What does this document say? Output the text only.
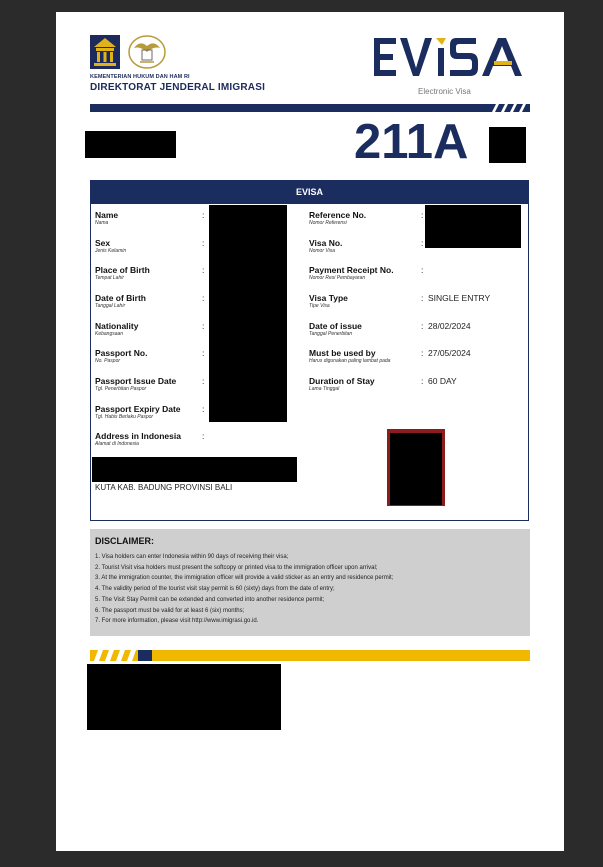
KEMENTERIAN HUKUM DAN HAM RI
DIREKTORAT JENDERAL IMIGRASI	Electronic Visa
211A
EVISA
Name
Nama
Sex
Jenis Kelamin
Place of Birth
Tempat Lahir
Date of Birth
Tanggal Lahir
Nationality
Kebangsaan
Passport No.
No. Paspor
Passport Issue Date
Tgl. Penerbitan Paspor
Passport Expiry Date
Tgl. Habis Berlaku Paspor
Address in Indonesia
Alamat di Indonesia
:
:
:
:
:
:
:
:
:
Reference No.
Nomor Referensi
Visa No.
Nomor Visa
Payment Receipt No.
Nomor Resi Pembayaran
Visa Type
Tipe Visa
Date of issue
Tanggal Penerbitan
Must be used by
Harus digunakan paling lambat pada
Duration of Stay
Lama Tinggal
:
:
:
:
:
:
:
SINGLE ENTRY
28/02/2024
27/05/2024
60 DAY
KUTA KAB. BADUNG PROVINSI BALI
DISCLAIMER:
1. Visa holders can enter Indonesia within 90 days of receiving their visa;
2. Tourist Visit visa holders must present the softcopy or printed visa to the immigration officer upon arrival;
3. At the immigration counter, the immigration officer will provide a valid sticker as an entry and residence permit;
4. The validity period of the tourist visit stay permit is 60 (sixty) days from the date of entry;
5. The Visit Stay Permit can be extended and converted into another residence permit;
6. The passport must be valid for at least 6 (six) months;
7. For more information, please visit http://www.imigrasi.go.id.
